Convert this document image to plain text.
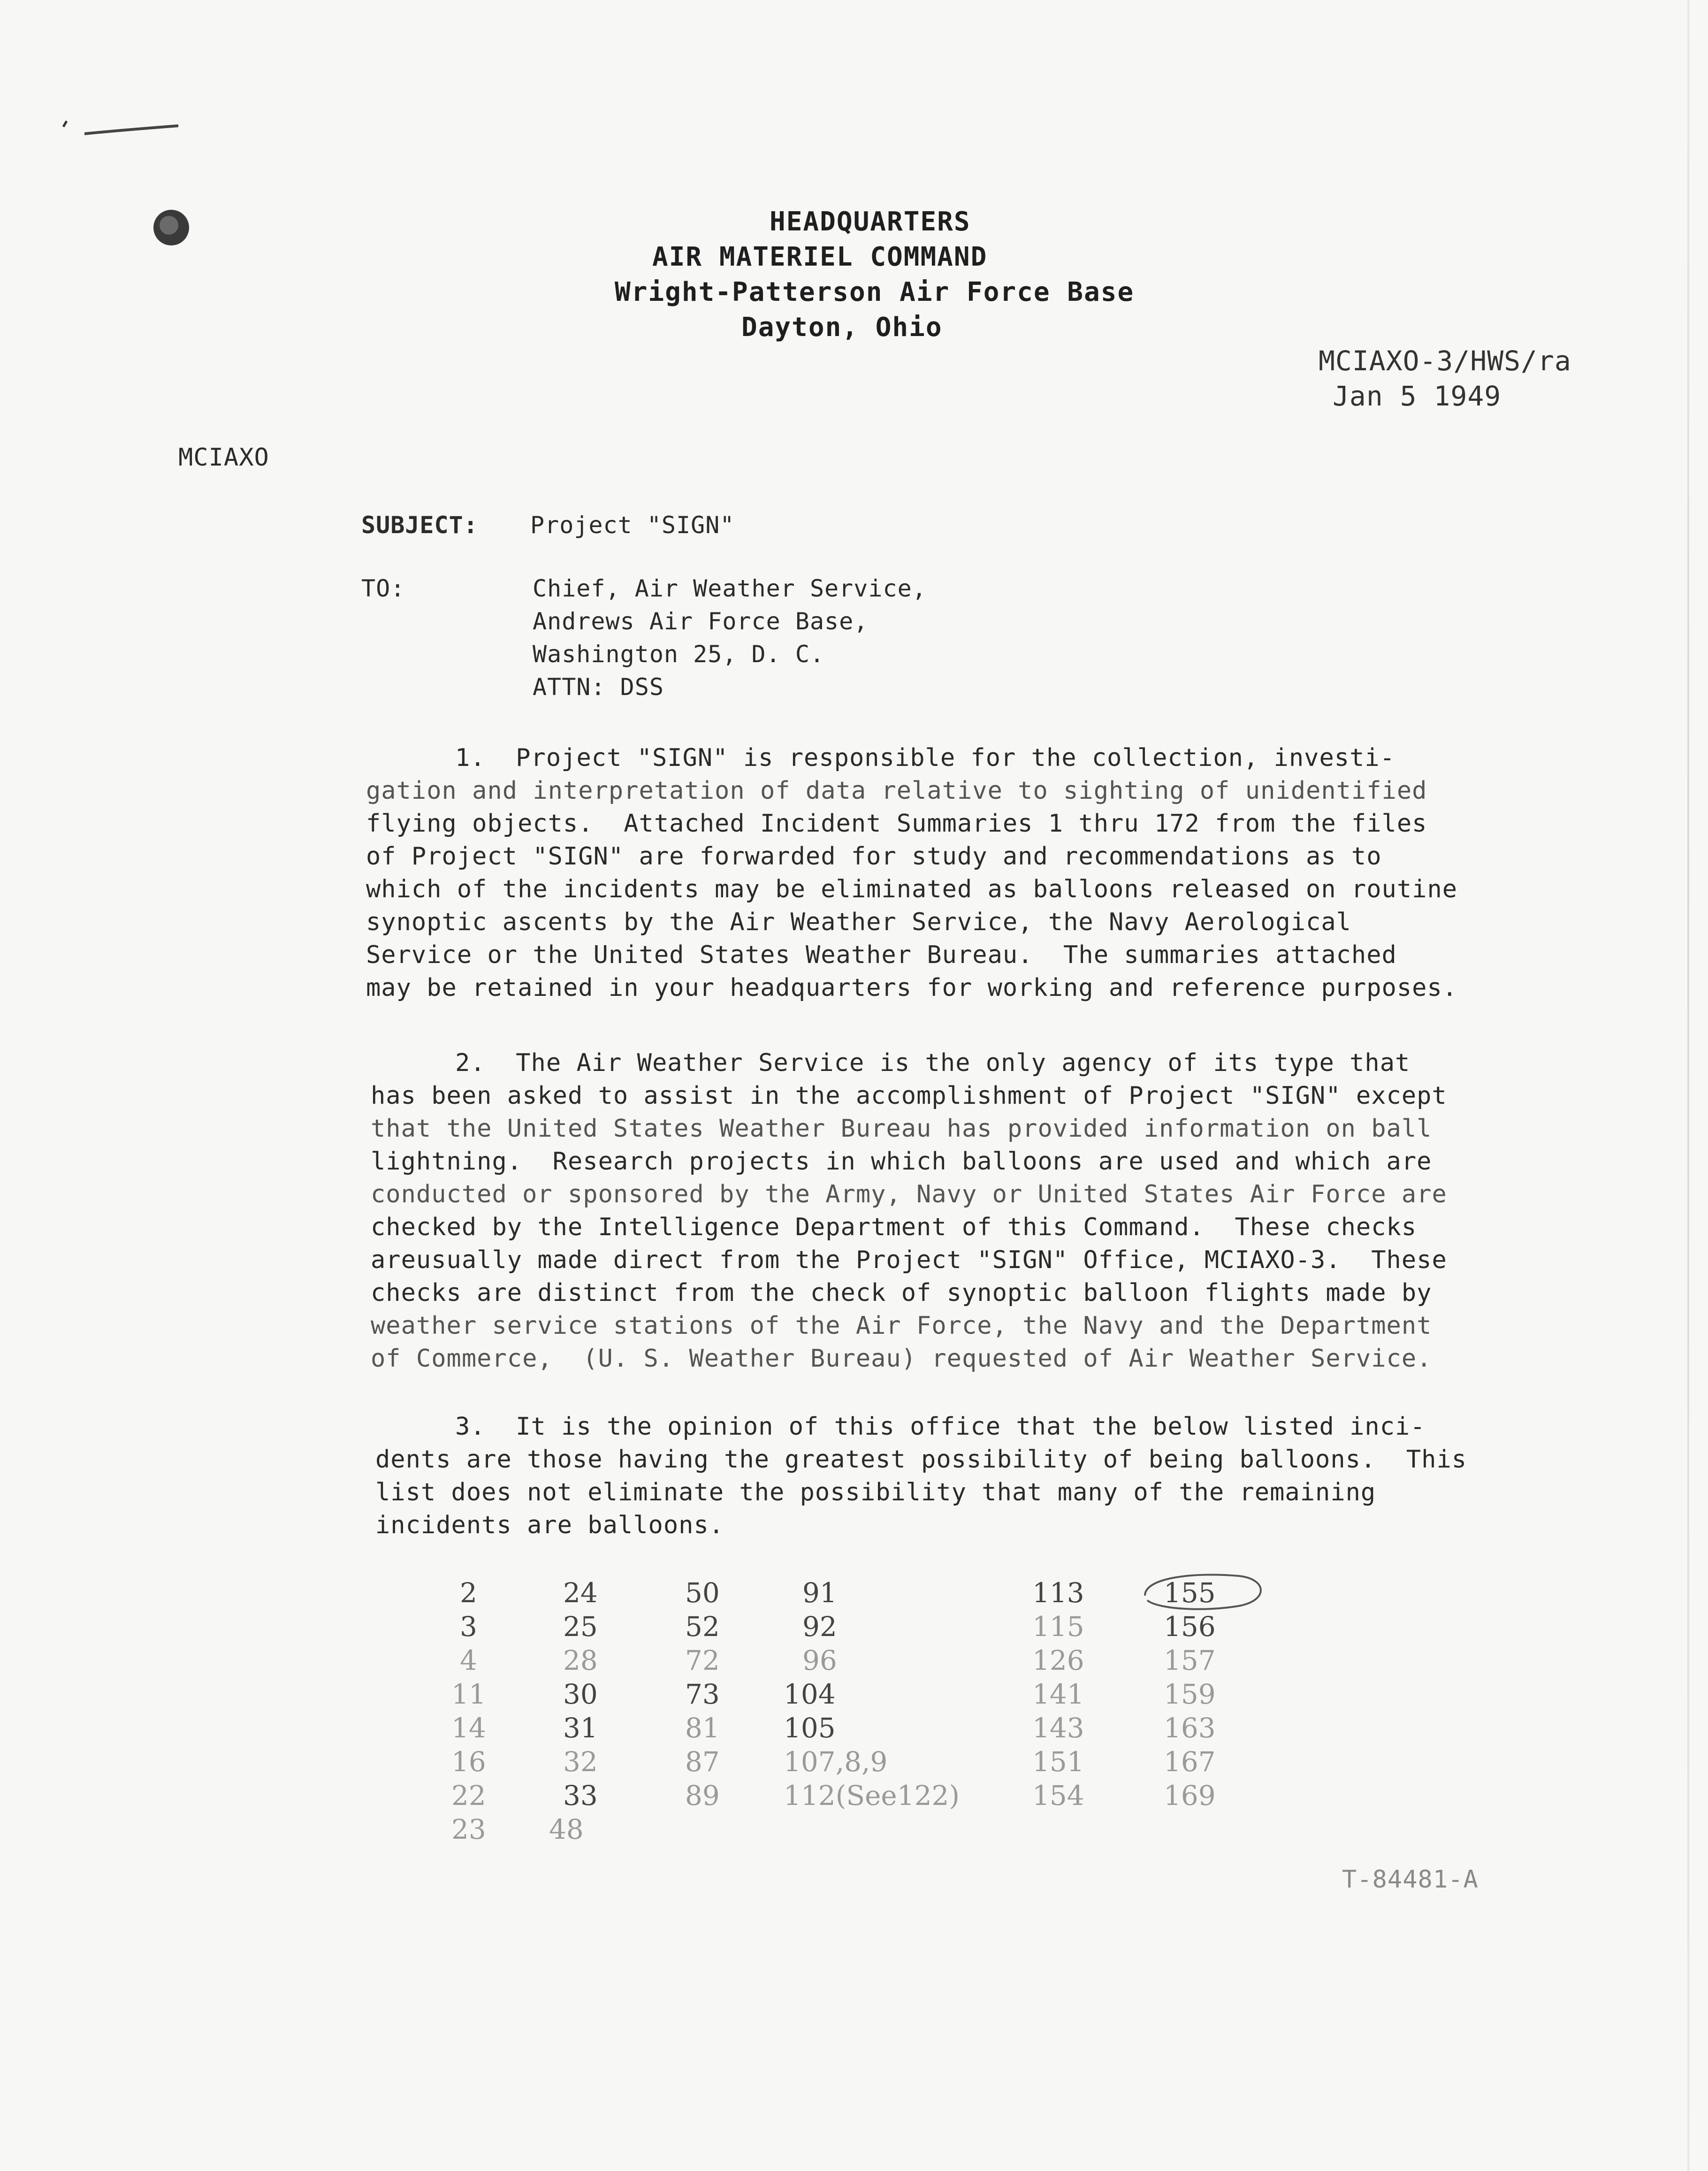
HEADQUARTERS
AIR MATERIEL COMMAND
Wright-Patterson Air Force Base
Dayton, Ohio
MCIAXO-3/HWS/ra
Jan 5 1949
MCIAXO
SUBJECT: Project "SIGN"
TO:	Chief, Air Weather Service,
Andrews Air Force Base,
Washington 25, D. C.
ATTN: DSS
1.  Project "SIGN" is responsible for the collection, investi-
gation and interpretation of data relative to sighting of unidentified
flying objects.  Attached Incident Summaries 1 thru 172 from the files
of Project "SIGN" are forwarded for study and recommendations as to
which of the incidents may be eliminated as balloons released on routine
synoptic ascents by the Air Weather Service, the Navy Aerological
Service or the United States Weather Bureau.  The summaries attached
may be retained in your headquarters for working and reference purposes.
2.  The Air Weather Service is the only agency of its type that
has been asked to assist in the accomplishment of Project "SIGN" except
that the United States Weather Bureau has provided information on ball
lightning.  Research projects in which balloons are used and which are
conducted or sponsored by the Army, Navy or United States Air Force are
checked by the Intelligence Department of this Command.  These checks
areusually made direct from the Project "SIGN" Office, MCIAXO-3.  These
checks are distinct from the check of synoptic balloon flights made by
weather service stations of the Air Force, the Navy and the Department
of Commerce,  (U. S. Weather Bureau) requested of Air Weather Service.
3.  It is the opinion of this office that the below listed inci-
dents are those having the greatest possibility of being balloons.  This
list does not eliminate the possibility that many of the remaining
incidents are balloons.
2
3
4
11
14
16
22
23
24
25
28
30
31
32
33
48
50
52
72
73
81
87
89
91
92
96
104
105
107,8,9
112(See122)
113
115
126
141
143
151
154
155
156
157
159
163
167
169
T-84481-A
